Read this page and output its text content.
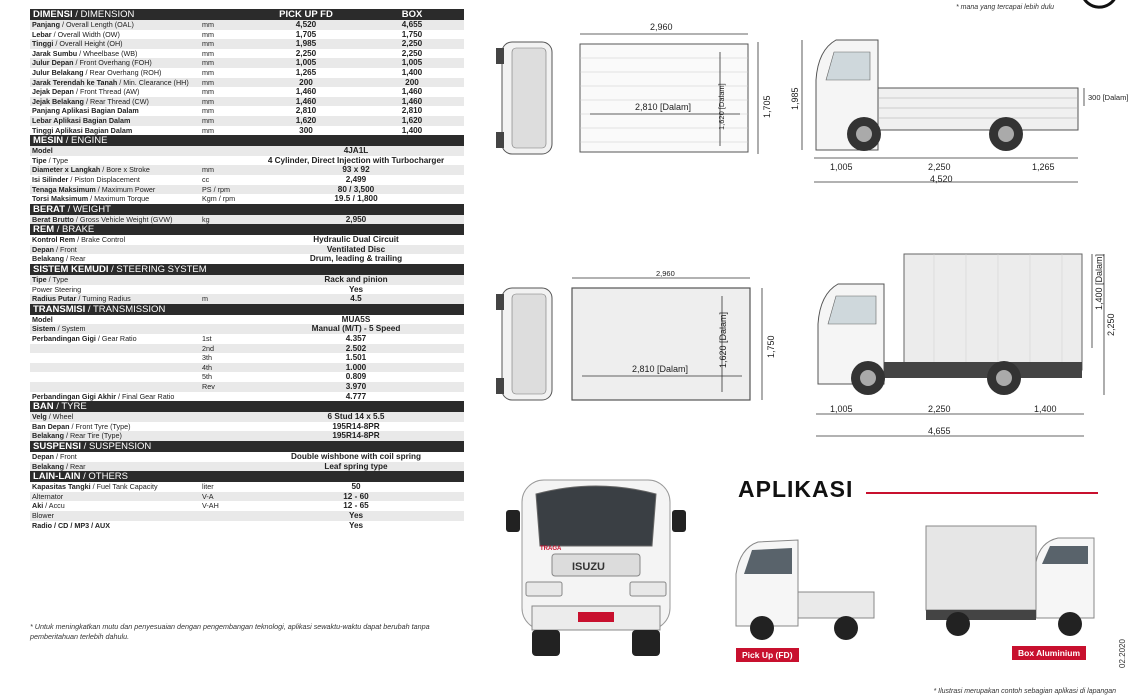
* mana yang tercapai lebih dulu
DIMENSI / DIMENSION	PICK UP FD	BOX
Panjang / Overall Length (OAL)	mm	4,520	4,655
Lebar / Overall Width (OW)	mm	1,705	1,750
Tinggi / Overall Height (OH)	mm	1,985	2,250
Jarak Sumbu / Wheelbase (WB)	mm	2,250	2,250
Julur Depan / Front Overhang (FOH)	mm	1,005	1,005
Julur Belakang / Rear Overhang (ROH)	mm	1,265	1,400
Jarak Terendah ke Tanah / Min. Clearance (HH)	mm	200	200
Jejak Depan / Front Thread (AW)	mm	1,460	1,460
Jejak Belakang / Rear Thread (CW)	mm	1,460	1,460
Panjang Aplikasi Bagian Dalam	mm	2,810	2,810
Lebar Aplikasi Bagian Dalam	mm	1,620	1,620
Tinggi Aplikasi Bagian Dalam	mm	300	1,400
MESIN / ENGINE
Model	4JA1L
Tipe / Type	4 Cylinder, Direct Injection with Turbocharger
Diameter x Langkah / Bore x Stroke	mm	93 x 92
Isi Silinder / Piston Displacement	cc	2,499
Tenaga Maksimum / Maximum Power	PS / rpm	80 / 3,500
Torsi Maksimum / Maximum Torque	Kgm / rpm	19.5 / 1,800
BERAT / WEIGHT
Berat Brutto / Gross Vehicle Weight (GVW)	kg	2,950
REM / BRAKE
Kontrol Rem / Brake Control	Hydraulic Dual Circuit
Depan / Front	Ventilated Disc
Belakang / Rear	Drum, leading & trailing
SISTEM KEMUDI / STEERING SYSTEM
Tipe / Type	Rack and pinion
Power Steering	Yes
Radius Putar / Turning Radius	m	4.5
TRANSMISI / TRANSMISSION
Model	MUA5S
Sistem / System	Manual (M/T) - 5 Speed
Perbandingan Gigi / Gear Ratio	1st	4.357
2nd	2.502
3th	1.501
4th	1.000
5th	0.809
Rev	3.970
Perbandingan Gigi Akhir / Final Gear Ratio	4.777
BAN / TYRE
Velg / Wheel	6 Stud 14 x 5.5
Ban Depan / Front Tyre (Type)	195R14-8PR
Belakang / Rear Tire (Type)	195R14-8PR
SUSPENSI / SUSPENSION
Depan / Front	Double wishbone with coil spring
Belakang / Rear	Leaf spring type
LAIN-LAIN / OTHERS
Kapasitas Tangki / Fuel Tank Capacity	liter	50
Alternator	V-A	12 - 60
Aki / Accu	V-AH	12 - 65
Blower	Yes
Radio / CD / MP3 / AUX	Yes
* Untuk meningkatkan mutu dan penyesuaian dengan pengembangan teknologi, aplikasi sewaktu-waktu dapat berubah tanpa pemberitahuan terlebih dahulu.
2,960
2,810 [Dalam]	1,620 [Dalam]	1,705 1,985	300 [Dalam]
1,005	2,250	1,265
4,520
2,960
2,810 [Dalam]
1,620 [Dalam]	1,750
1,400 [Dalam]
2,250
1,005	2,250	1,400
4,655
ISUZU
TRAGA
APLIKASI
Pick Up (FD)	Box Aluminium
* Ilustrasi merupakan contoh sebagian aplikasi di lapangan
02.2020
